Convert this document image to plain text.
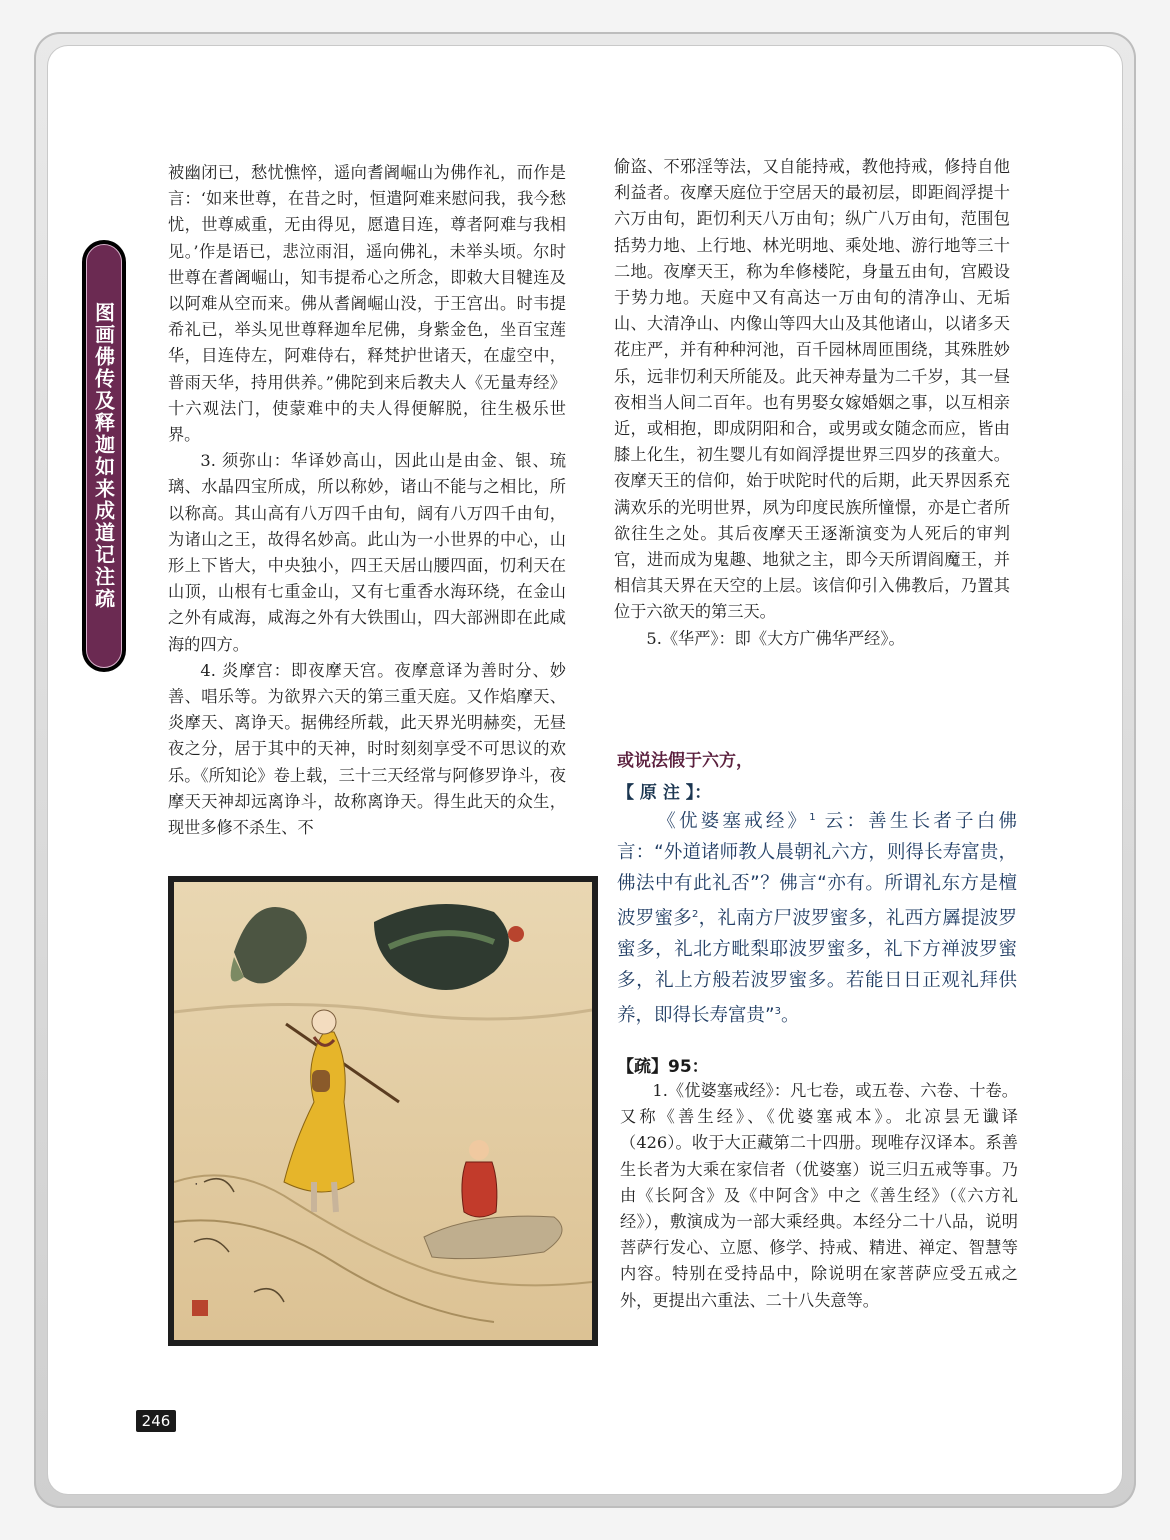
图画佛传及释迦如来成道记注疏

被幽闭已，愁忧憔悴，遥向耆阇崛山为佛作礼，而作是言：‘如来世尊，在昔之时，恒遣阿难来慰问我，我今愁忧，世尊威重，无由得见，愿遣目连，尊者阿难与我相见。’作是语已，悲泣雨泪，遥向佛礼，未举头顷。尔时世尊在耆阇崛山，知韦提希心之所念，即敕大目犍连及以阿难从空而来。佛从耆阇崛山没，于王宫出。时韦提希礼已，举头见世尊释迦牟尼佛，身紫金色，坐百宝莲华，目连侍左，阿难侍右，释梵护世诸天，在虚空中，普雨天华，持用供养。”佛陀到来后教夫人《无量寿经》十六观法门，使蒙难中的夫人得便解脱，往生极乐世界。

3. 须弥山：华译妙高山，因此山是由金、银、琉璃、水晶四宝所成，所以称妙，诸山不能与之相比，所以称高。其山高有八万四千由旬，阔有八万四千由旬，为诸山之王，故得名妙高。此山为一小世界的中心，山形上下皆大，中央独小，四王天居山腰四面，忉利天在山顶，山根有七重金山，又有七重香水海环绕，在金山之外有咸海，咸海之外有大铁围山，四大部洲即在此咸海的四方。

4. 炎摩宫：即夜摩天宫。夜摩意译为善时分、妙善、唱乐等。为欲界六天的第三重天庭。又作焰摩天、炎摩天、离诤天。据佛经所载，此天界光明赫奕，无昼夜之分，居于其中的天神，时时刻刻享受不可思议的欢乐。《所知论》卷上载，三十三天经常与阿修罗诤斗，夜摩天天神却远离诤斗，故称离诤天。得生此天的众生，现世多修不杀生、不

偷盗、不邪淫等法，又自能持戒，教他持戒，修持自他利益者。夜摩天庭位于空居天的最初层，即距阎浮提十六万由旬，距忉利天八万由旬；纵广八万由旬，范围包括势力地、上行地、林光明地、乘处地、游行地等三十二地。夜摩天王，称为牟修楼陀，身量五由旬，宫殿设于势力地。天庭中又有高达一万由旬的清净山、无垢山、大清净山、内像山等四大山及其他诸山，以诸多天花庄严，并有种种河池，百千园林周匝围绕，其殊胜妙乐，远非忉利天所能及。此天神寿量为二千岁，其一昼夜相当人间二百年。也有男娶女嫁婚姻之事，以互相亲近，或相抱，即成阴阳和合，或男或女随念而应，皆由膝上化生，初生婴儿有如阎浮提世界三四岁的孩童大。夜摩天王的信仰，始于吠陀时代的后期，此天界因系充满欢乐的光明世界，夙为印度民族所憧憬，亦是亡者所欲往生之处。其后夜摩天王逐渐演变为人死后的审判官，进而成为鬼趣、地狱之主，即今天所谓阎魔王，并相信其天界在天空的上层。该信仰引入佛教后，乃置其位于六欲天的第三天。

5.《华严》：即《大方广佛华严经》。

或说法假于六方，
【 原 注 】：
《优婆塞戒经》$^1$ 云：善生长者子白佛言：“外道诸师教人晨朝礼六方，则得长寿富贵，佛法中有此礼否”？佛言“亦有。所谓礼东方是檀波罗蜜多$^2$，礼南方尸波罗蜜多，礼西方羼提波罗蜜多，礼北方毗梨耶波罗蜜多，礼下方禅波罗蜜多，礼上方般若波罗蜜多。若能日日正观礼拜供养，即得长寿富贵”$^3$。
【疏】95：

1.《优婆塞戒经》：凡七卷，或五卷、六卷、十卷。又称《善生经》、《优婆塞戒本》。北凉昙无谶译（426）。收于大正藏第二十四册。现唯存汉译本。系善生长者为大乘在家信者（优婆塞）说三归五戒等事。乃由《长阿含》及《中阿含》中之《善生经》（《六方礼经》），敷演成为一部大乘经典。本经分二十八品，说明菩萨行发心、立愿、修学、持戒、精进、禅定、智慧等内容。特别在受持品中，除说明在家菩萨应受五戒之外，更提出六重法、二十八失意等。

·
246
